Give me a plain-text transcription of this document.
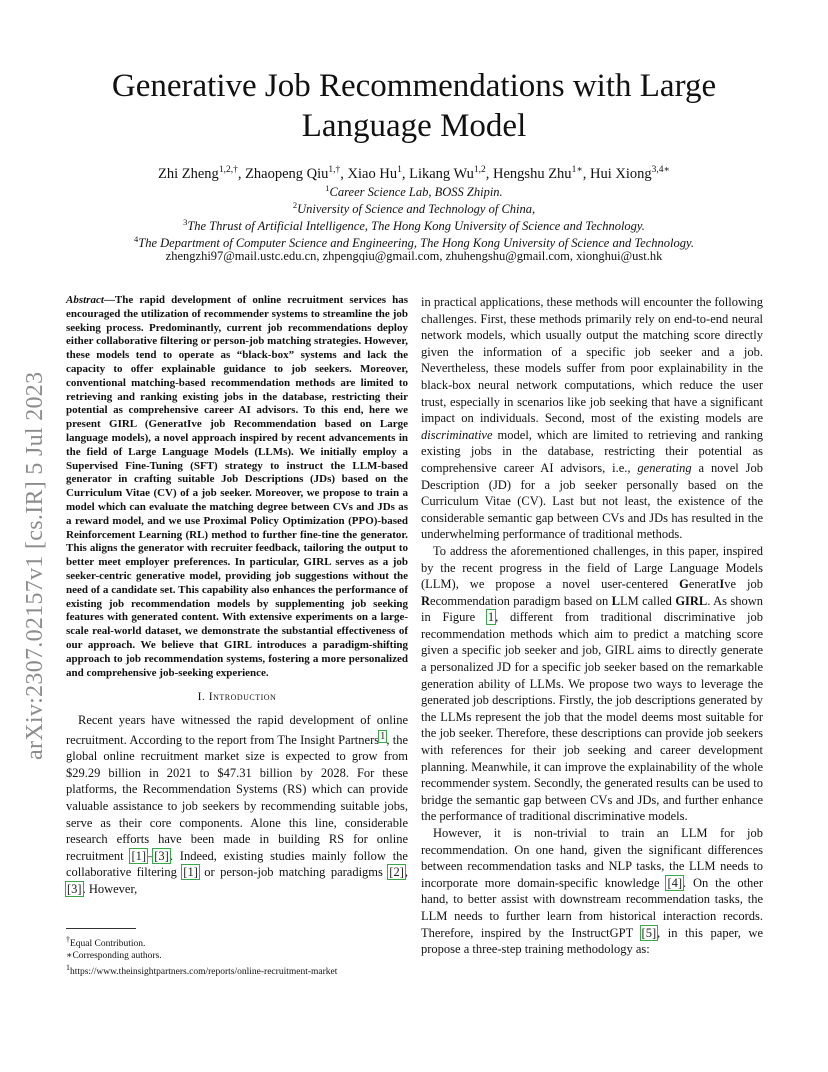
arXiv:2307.02157v1 [cs.IR] 5 Jul 2023
Generative Job Recommendations with Large
Language Model
Zhi Zheng$^{1,2,\dagger}$, Zhaopeng Qiu$^{1,\dagger}$, Xiao Hu$^1$, Likang Wu$^{1,2}$, Hengshu Zhu$^{1∗}$, Hui Xiong$^{3,4∗}$
$^1$Career Science Lab, BOSS Zhipin.
$^2$University of Science and Technology of China,
$^3$The Thrust of Artificial Intelligence, The Hong Kong University of Science and Technology.
$^4$The Department of Computer Science and Engineering, The Hong Kong University of Science and Technology.
zhengzhi97@mail.ustc.edu.cn, zhpengqiu@gmail.com, zhuhengshu@gmail.com, xionghui@ust.hk

Abstract—The rapid development of online recruitment services has encouraged the utilization of recommender systems to streamline the job seeking process. Predominantly, current job recommendations deploy either collaborative filtering or person-job matching strategies. However, these models tend to operate as “black-box” systems and lack the capacity to offer explainable guidance to job seekers. Moreover, conventional matching-based recommendation methods are limited to retrieving and ranking existing jobs in the database, restricting their potential as comprehensive career AI advisors. To this end, here we present GIRL (GeneratIve job Recommendation based on Large language models), a novel approach inspired by recent advancements in the field of Large Language Models (LLMs). We initially employ a Supervised Fine-Tuning (SFT) strategy to instruct the LLM-based generator in crafting suitable Job Descriptions (JDs) based on the Curriculum Vitae (CV) of a job seeker. Moreover, we propose to train a model which can evaluate the matching degree between CVs and JDs as a reward model, and we use Proximal Policy Optimization (PPO)-based Reinforcement Learning (RL) method to further fine-tine the generator. This aligns the generator with recruiter feedback, tailoring the output to better meet employer preferences. In particular, GIRL serves as a job seeker-centric generative model, providing job suggestions without the need of a candidate set. This capability also enhances the performance of existing job recommendation models by supplementing job seeking features with generated content. With extensive experiments on a large-scale real-world dataset, we demonstrate the substantial effectiveness of our approach. We believe that GIRL introduces a paradigm-shifting approach to job recommendation systems, fostering a more personalized and comprehensive job-seeking experience.

I. Introduction

Recent years have witnessed the rapid development of online recruitment. According to the report from The Insight Partners$^1$, the global online recruitment market size is expected to grow from $29.29 billion in 2021 to $47.31 billion by 2028. For these platforms, the Recommendation Systems (RS) which can provide valuable assistance to job seekers by recommending suitable jobs, serve as their core components. Alone this line, considerable research efforts have been made in building RS for online recruitment [1]–[3]. Indeed, existing studies mainly follow the collaborative filtering [1] or person-job matching paradigms [2], [3]. However,

†Equal Contribution.
∗Corresponding authors.
$^1$https://www.theinsightpartners.com/reports/online-recruitment-market

in practical applications, these methods will encounter the following challenges. First, these methods primarily rely on end-to-end neural network models, which usually output the matching score directly given the information of a specific job seeker and a job. Nevertheless, these models suffer from poor explainability in the black-box neural network computations, which reduce the user trust, especially in scenarios like job seeking that have a significant impact on individuals. Second, most of the existing models are discriminative model, which are limited to retrieving and ranking existing jobs in the database, restricting their potential as comprehensive career AI advisors, i.e., generating a novel Job Description (JD) for a job seeker personally based on the Curriculum Vitae (CV). Last but not least, the existence of the considerable semantic gap between CVs and JDs has resulted in the underwhelming performance of traditional methods.

To address the aforementioned challenges, in this paper, inspired by the recent progress in the field of Large Language Models (LLM), we propose a novel user-centered GeneratIve job Recommendation paradigm based on LLM called GIRL. As shown in Figure 1, different from traditional discriminative job recommendation methods which aim to predict a matching score given a specific job seeker and job, GIRL aims to directly generate a personalized JD for a specific job seeker based on the remarkable generation ability of LLMs. We propose two ways to leverage the generated job descriptions. Firstly, the job descriptions generated by the LLMs represent the job that the model deems most suitable for the job seeker. Therefore, these descriptions can provide job seekers with references for their job seeking and career development planning. Meanwhile, it can improve the explainability of the whole recommender system. Secondly, the generated results can be used to bridge the semantic gap between CVs and JDs, and further enhance the performance of traditional discriminative models.

However, it is non-trivial to train an LLM for job recommendation. On one hand, given the significant differences between recommendation tasks and NLP tasks, the LLM needs to incorporate more domain-specific knowledge [4]. On the other hand, to better assist with downstream recommendation tasks, the LLM needs to further learn from historical interaction records. Therefore, inspired by the InstructGPT [5], in this paper, we propose a three-step training methodology as:
